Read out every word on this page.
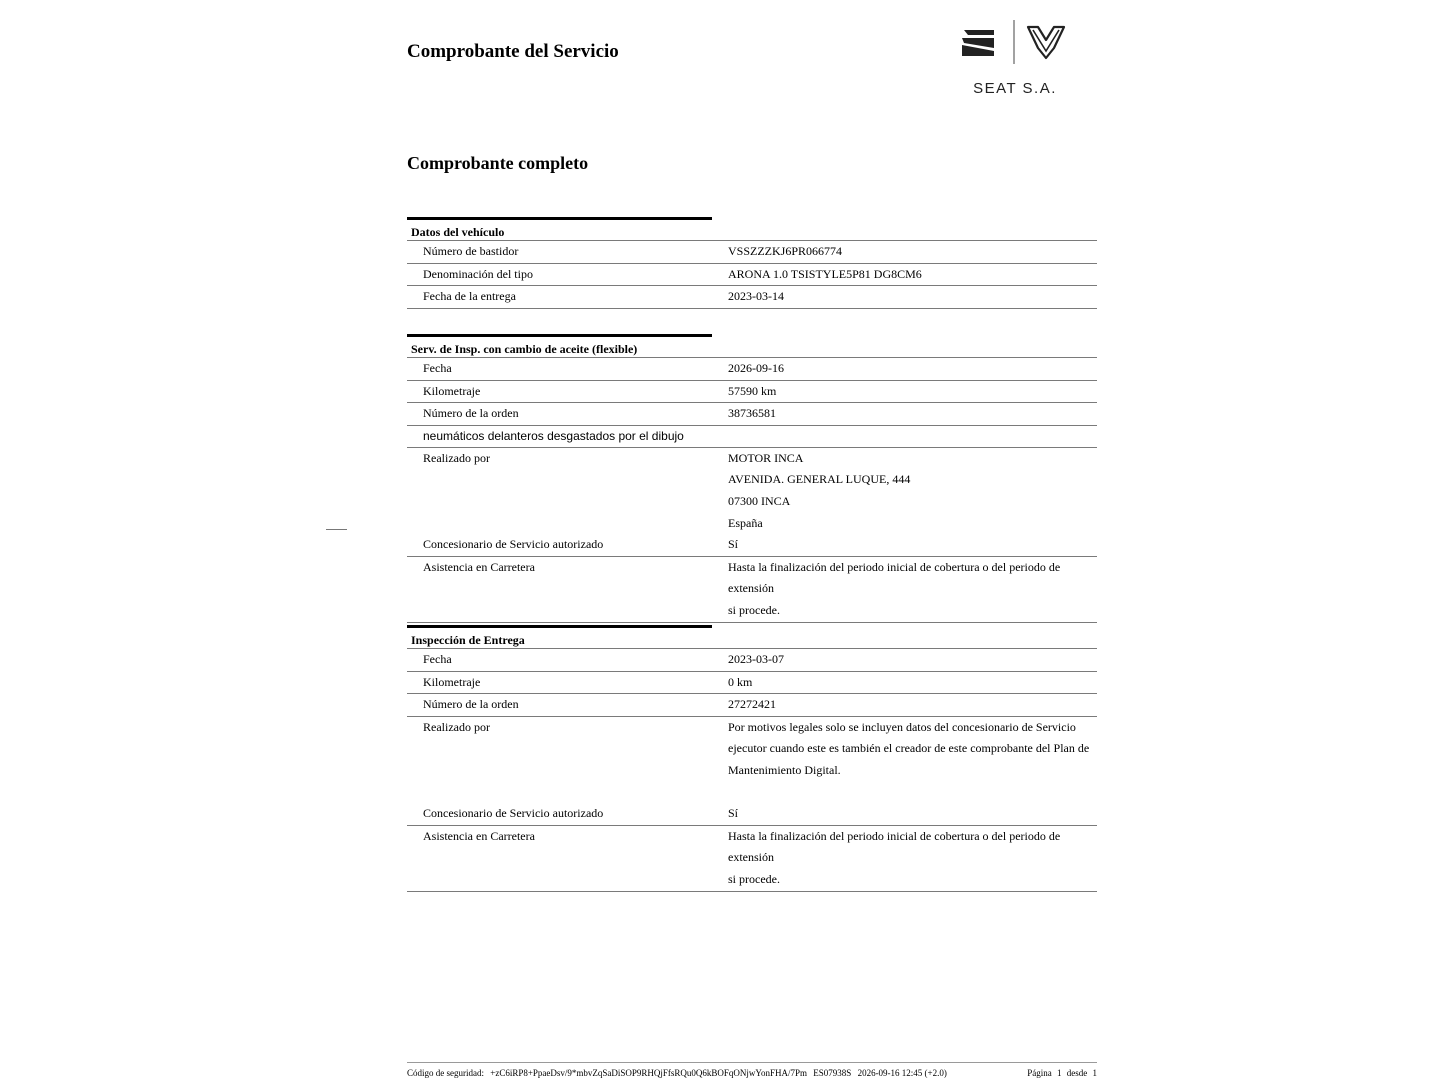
Comprobante del Servicio
SEAT S.A.
Comprobante completo
Datos del vehículo
Número de bastidor	VSSZZZKJ6PR066774
Denominación del tipo	ARONA 1.0 TSISTYLE5P81 DG8CM6
Fecha de la entrega	2023-03-14
Serv. de Insp. con cambio de aceite (flexible)
Fecha	2026-09-16
Kilometraje	57590 km
Número de la orden	38736581
neumáticos delanteros desgastados por el dibujo
Realizado por	MOTOR INCA
AVENIDA. GENERAL LUQUE, 444
07300 INCA
España
Concesionario de Servicio autorizado	Sí
Asistencia en Carretera	Hasta la finalización del periodo inicial de cobertura o del periodo de extensión
si procede.
Inspección de Entrega
Fecha	2023-03-07
Kilometraje	0 km
Número de la orden	27272421
Realizado por	Por motivos legales solo se incluyen datos del concesionario de Servicio
ejecutor cuando este es también el creador de este comprobante del Plan de
Mantenimiento Digital.
Concesionario de Servicio autorizado	Sí
Asistencia en Carretera	Hasta la finalización del periodo inicial de cobertura o del periodo de extensión
si procede.
Código de seguridad: +zC6iRP8+PpaeDsv/9*mbvZqSaDiSOP9RHQjFfsRQu0Q6kBOFqONjwYonFHA/7Pm ES07938S 2026-09-16 12:45 (+2.0)	Página 1 desde 1
